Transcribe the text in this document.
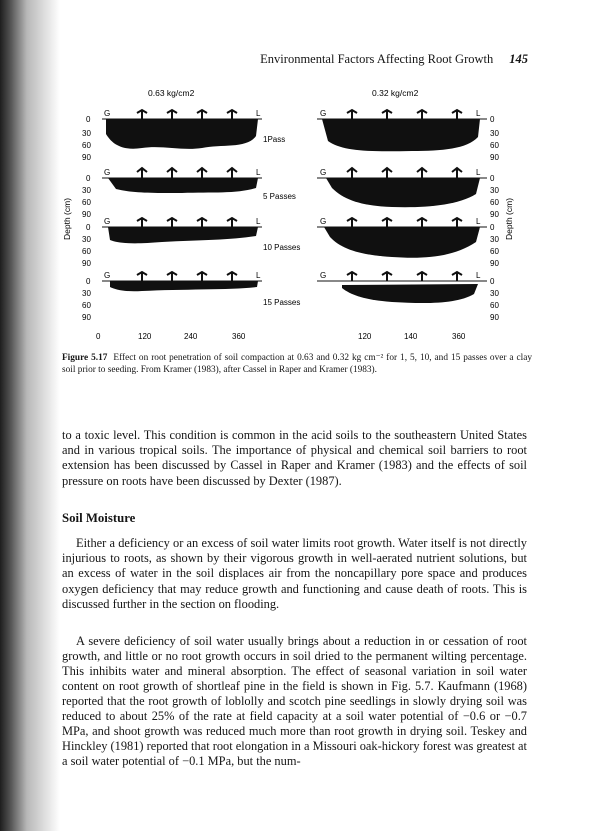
Environmental Factors Affecting Root Growth 145
0.63 kg/cm2	0.32 kg/cm2
G	L
G	L
G	L
G	L
G	L
G	L
G	L
G	L
1Pass
5 Passes
10 Passes
15 Passes
0
30
60
90
0
30
60
90
0
30
60
90
0
30
60
90
Depth (cm)
0
30
60
90
0
30
60
90
0
30
60
90
0
30
60
90
Depth (cm)
0	120	240	360	120	140	360
Figure 5.17 Effect on root penetration of soil compaction at 0.63 and 0.32 kg cm⁻² for 1, 5, 10, and 15 passes over a clay soil prior to seeding. From Kramer (1983), after Cassel in Raper and Kramer (1983).
to a toxic level. This condition is common in the acid soils to the southeastern United States and in various tropical soils. The importance of physical and chemical soil barriers to root extension has been discussed by Cassel in Raper and Kramer (1983) and the effects of soil pressure on roots have been discussed by Dexter (1987).
Soil Moisture
Either a deficiency or an excess of soil water limits root growth. Water itself is not directly injurious to roots, as shown by their vigorous growth in well-aerated nutrient solutions, but an excess of water in the soil displaces air from the noncapillary pore space and produces oxygen deficiency that may reduce growth and functioning and cause death of roots. This is discussed further in the section on flooding.
A severe deficiency of soil water usually brings about a reduction in or cessation of root growth, and little or no root growth occurs in soil dried to the permanent wilting percentage. This inhibits water and mineral absorption. The effect of seasonal variation in soil water content on root growth of shortleaf pine in the field is shown in Fig. 5.7. Kaufmann (1968) reported that the root growth of loblolly and scotch pine seedlings in slowly drying soil was reduced to about 25% of the rate at field capacity at a soil water potential of −0.6 or −0.7 MPa, and shoot growth was reduced much more than root growth in drying soil. Teskey and Hinckley (1981) reported that root elongation in a Missouri oak-hickory forest was greatest at a soil water potential of −0.1 MPa, but the num-
